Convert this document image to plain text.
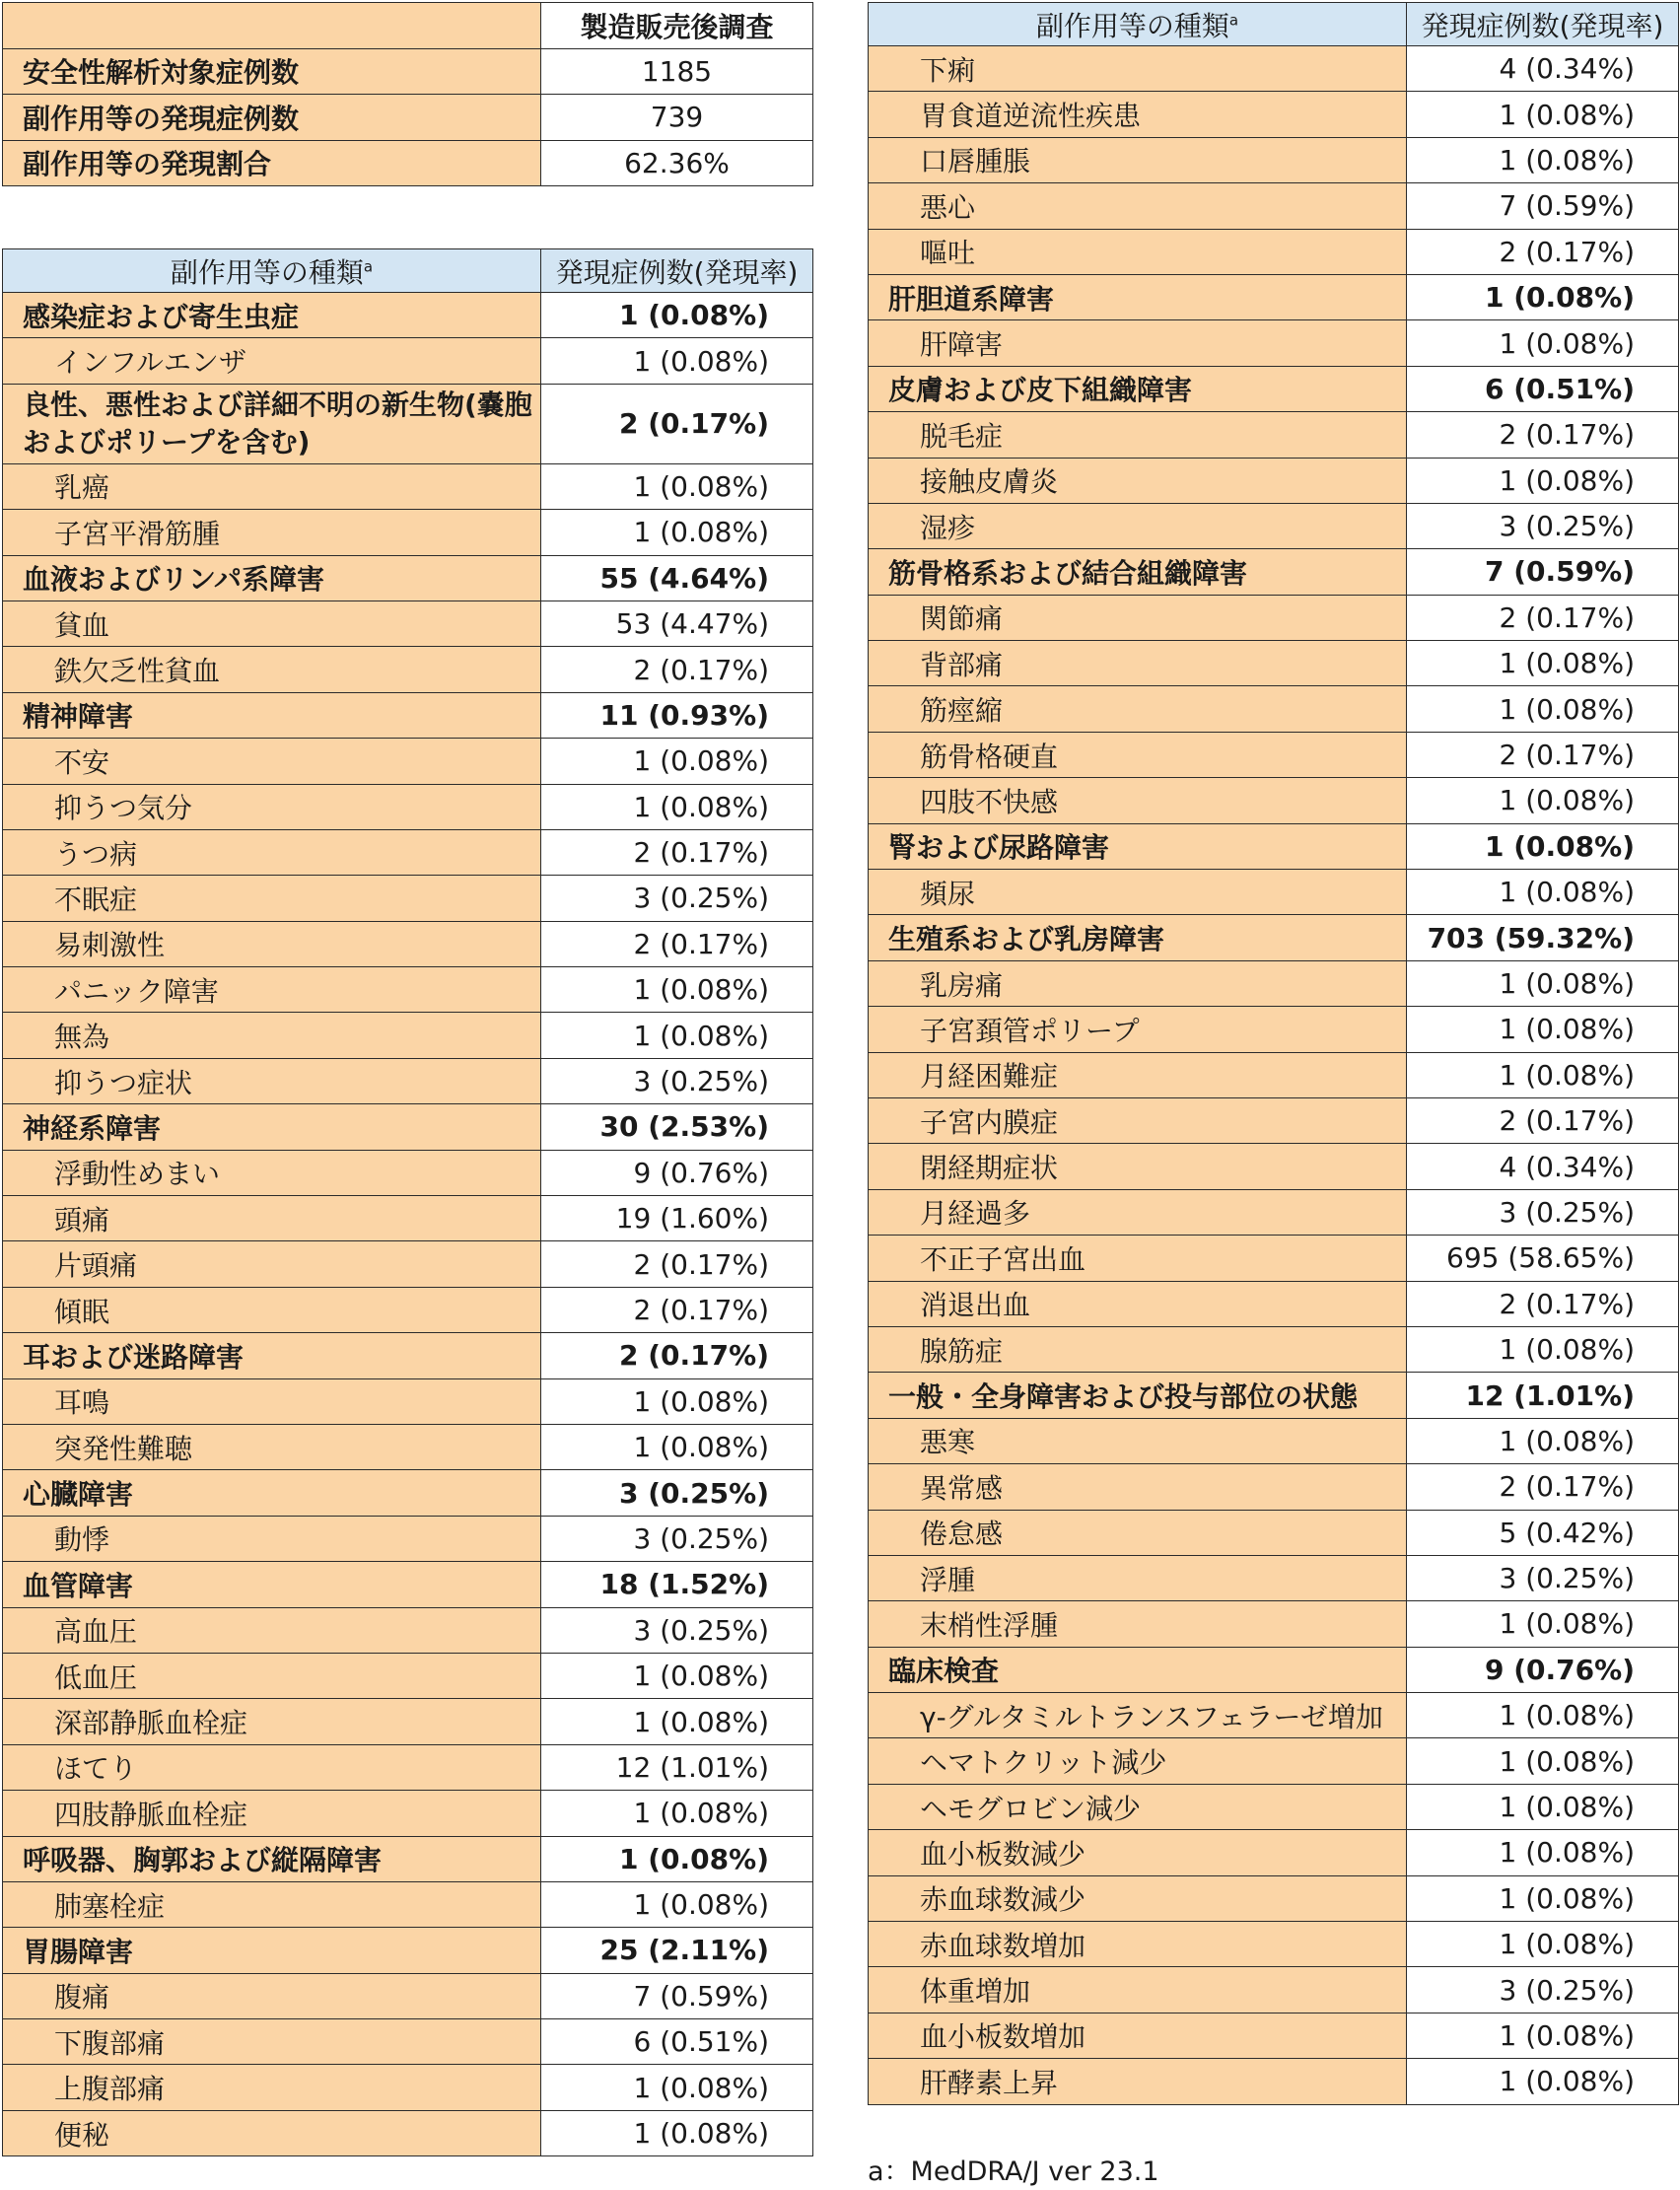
	製造販売後調査
安全性解析対象症例数	1185
副作用等の発現症例数	739
副作用等の発現割合	62.36%
副作用等の種類$^a$	発現症例数(発現率)
感染症および寄生虫症	1 (0.08%)
インフルエンザ	1 (0.08%)
良性、悪性および詳細不明の新生物(嚢胞およびポリープを含む)	2 (0.17%)
乳癌	1 (0.08%)
子宮平滑筋腫	1 (0.08%)
血液およびリンパ系障害	55 (4.64%)
貧血	53 (4.47%)
鉄欠乏性貧血	2 (0.17%)
精神障害	11 (0.93%)
不安	1 (0.08%)
抑うつ気分	1 (0.08%)
うつ病	2 (0.17%)
不眠症	3 (0.25%)
易刺激性	2 (0.17%)
パニック障害	1 (0.08%)
無為	1 (0.08%)
抑うつ症状	3 (0.25%)
神経系障害	30 (2.53%)
浮動性めまい	9 (0.76%)
頭痛	19 (1.60%)
片頭痛	2 (0.17%)
傾眠	2 (0.17%)
耳および迷路障害	2 (0.17%)
耳鳴	1 (0.08%)
突発性難聴	1 (0.08%)
心臓障害	3 (0.25%)
動悸	3 (0.25%)
血管障害	18 (1.52%)
高血圧	3 (0.25%)
低血圧	1 (0.08%)
深部静脈血栓症	1 (0.08%)
ほてり	12 (1.01%)
四肢静脈血栓症	1 (0.08%)
呼吸器、胸郭および縦隔障害	1 (0.08%)
肺塞栓症	1 (0.08%)
胃腸障害	25 (2.11%)
腹痛	7 (0.59%)
下腹部痛	6 (0.51%)
上腹部痛	1 (0.08%)
便秘	1 (0.08%)
副作用等の種類$^a$	発現症例数(発現率)
下痢	4 (0.34%)
胃食道逆流性疾患	1 (0.08%)
口唇腫脹	1 (0.08%)
悪心	7 (0.59%)
嘔吐	2 (0.17%)
肝胆道系障害	1 (0.08%)
肝障害	1 (0.08%)
皮膚および皮下組織障害	6 (0.51%)
脱毛症	2 (0.17%)
接触皮膚炎	1 (0.08%)
湿疹	3 (0.25%)
筋骨格系および結合組織障害	7 (0.59%)
関節痛	2 (0.17%)
背部痛	1 (0.08%)
筋痙縮	1 (0.08%)
筋骨格硬直	2 (0.17%)
四肢不快感	1 (0.08%)
腎および尿路障害	1 (0.08%)
頻尿	1 (0.08%)
生殖系および乳房障害	703 (59.32%)
乳房痛	1 (0.08%)
子宮頚管ポリープ	1 (0.08%)
月経困難症	1 (0.08%)
子宮内膜症	2 (0.17%)
閉経期症状	4 (0.34%)
月経過多	3 (0.25%)
不正子宮出血	695 (58.65%)
消退出血	2 (0.17%)
腺筋症	1 (0.08%)
一般・全身障害および投与部位の状態	12 (1.01%)
悪寒	1 (0.08%)
異常感	2 (0.17%)
倦怠感	5 (0.42%)
浮腫	3 (0.25%)
末梢性浮腫	1 (0.08%)
臨床検査	9 (0.76%)
γ-グルタミルトランスフェラーゼ増加	1 (0.08%)
ヘマトクリット減少	1 (0.08%)
ヘモグロビン減少	1 (0.08%)
血小板数減少	1 (0.08%)
赤血球数減少	1 (0.08%)
赤血球数増加	1 (0.08%)
体重増加	3 (0.25%)
血小板数増加	1 (0.08%)
肝酵素上昇	1 (0.08%)
a：MedDRA/J ver 23.1
